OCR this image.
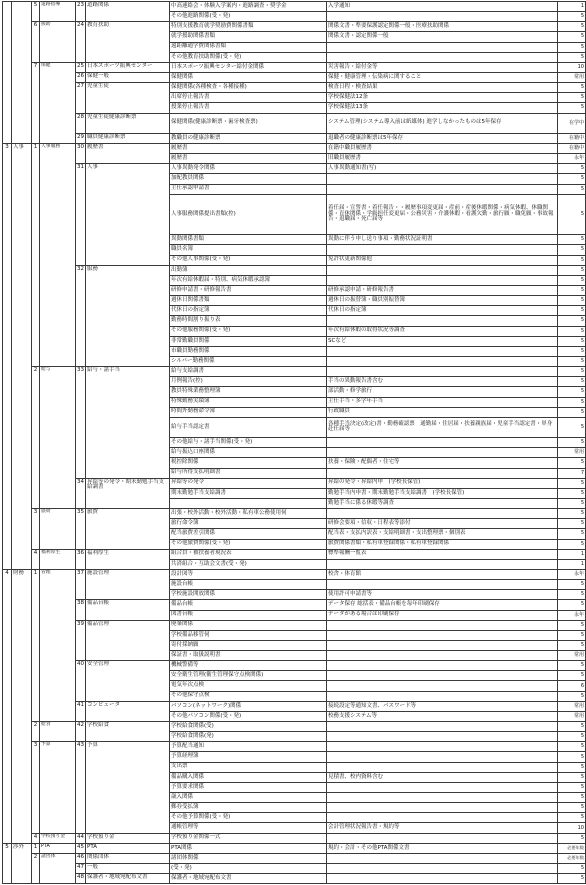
		5	道路指導	23	道路関係	中高連絡会・体験入学案内・進路調査・奨学金	入学通知	1
						その他進路関係(受・発)		5
		6	援助	24	教育扶助	特別支援教育就学奨励費関係書類	関係文書・準要保護認定関係一般・医療扶助関係	5
						就学援助関係書類	関係文書・認定関係一般	5
						遠距離通学費関係書類		5
						その他教育扶助関係(受・発)		5
		7	保健	25	日本スポーツ振興センター	日本スポーツ振興センター給付金関係	災害報告・給付金等	10
				26	保健一般	保健関係	保健・健康管理・伝染病に関すること	常用
				27	児童生徒	保健関係(各種検査・各種接種)	検査日程・検査結果	5
						出席停止報告書	学校保健法12条	5
						授業停止報告書	学校保健法13条	5
				28	児童生徒健康診断票	保健関係(健康診断票・歯牙検査票)	システム管理(システム導入前は紙媒体) 進学しなかったものは5年保存	在学中
				29	職員健康診断票	教職員の健康診断票	退職者の健康診断票は5年保存	在籍中
3	人事	1	人事服務	30	履歴書	履歴書	在籍中職員履歴書	在籍中
						履歴書	旧職員履歴書	永年
				31	人事	人事異動発令関係	人事異動通知書(写)	5
						加配教員関係		5
						主任承認申請書		5
						人事服務関係提出書類(控)	着任届・宣誓書・着任報告・・履歴事項変更届・産前・産後休暇関係・病気休暇、休職関係・育休関係・学級担任変更届・公務災害・介護休暇・看護欠勤・旅行願・職免願・事故報告・退職届・死亡届等	5
						異動関係書類	異動に伴う申し送り事項・勤務状況証明書	5
						職員名簿		5
						その他人事関係(受・発)	免許状更新関係他	5
				32	服務	出勤簿		5
						年次有給休暇届・特別、病気休暇承認簿		5
						研修申請書・研修報告書	研修承認申請・研修報告書	5
						週休日関係書類	週休日の振替簿・職員別振替簿	5
						代休日の指定簿	代休日の指定簿	5
						勤務時間割り振り表		5
						その他服務関係(受・発)	年次有給休暇の取得状況等調査	5
						非常勤職員関係	SCなど	5
						市職員勤務関係		5
						シルバー勤務関係		5
		2	給与	33	給与・諸手当	給与支給調書		5
						月例報告(控)	手当の異動報告書含む	5
						教員特殊業務整理簿	部活動・修学旅行	5
						特殊勤務実績簿	主任手当・多学年手当	5
						時間外勤務命令簿	行政職員	5
						給与手当認定書	各種手当決定(改定)書・勤務確認票　通勤届・住居届・扶養親族届・児童手当認定書・単身赴任届等	5
						その他給与・諸手当関係(受・発)		5
						給与振込口座関係		常用
						税控除関係	扶養・保険・配偶者・住宅等	5
						給与所得支払明細書		7
				34	昇給等の発令・期末勤勉手当支給調書	昇給等の発令	昇給の発令・昇給内申　(学校長保管)	5
						期末勤勉手当支給調書	勤勉手当内申書・期末勤勉手当支給調書　(学校長保管)	5
							勤勉手当に係る休暇等調査	5
		3	旅費	35	旅費	出張・校外活動・校外活動・私有車公務使用伺		5
						旅行命令簿	研修会要項・信収・日程表等添付	5
						配当旅費差引関係	配当表・支払内訳表・支給明細書・支出整理票・個別表	5
						その他旅費関係(受・発)	旅費関係書類・私有車登録関係・私有車登録関係	5
		4	福利厚生	36	福利厚生	組合員・被扶養者現況表	標準報酬一覧表	1
						共済組合・互助会文書(受・発)		1
4	財務	1	管理	37	施設管理	設計図等	校舎・体育館	永年
						施設台帳		5
						学校施設開放関係	使用許可申請書等	5
				38	備品台帳	備品台帳	データ保存 総括表・備品台帳を毎年印刷保存	5
						図書台帳	データがある場合は印刷保存	永年
				39	備品管理	廃棄関係		5
						学校備品移管伺		5
						寄付採納願		5
						保証書・取扱説明書		常用
				40	安全管理	機械警備等		5
						安全衛生管理(衛生管理保守点検関係)		5
						電気年次点検		6
						その他保守点検		5
				41	コンピュータ	パソコン(ネットワーク)関係	接続設定等通知文書、パスワード等	常用
						その他パソコン関係(受・発)	校務支援システム等	常用
		2	給食	42	学校給食	学校給食関係(受)		5
						学校給食関係(発)		5
		3	予算	43	予算	予算配当通知		5
						予算経理簿		5
						支出票		5
						備品購入関係	見積書、校内資料含む	5
						予算要求関係		5
						歳入関係		5
						郵券受払簿		5
						その他予算関係(受・発)		5
						通帳管理等	会計管理状況報告書・規約等	10
		4	学校預り金	44	学校預り金	学校預り金関係一式		5
5	渉外	1	PTA	45	PTA	PTA関係	規約・会計・その他PTA関係文書	必要年数
		2	諸団体	46	関係団体	諸団体関係		必要年数
				47	一般	(受・発)		5
				48	保護者・地域宛配布文書	保護者・地域宛配布文書		5
